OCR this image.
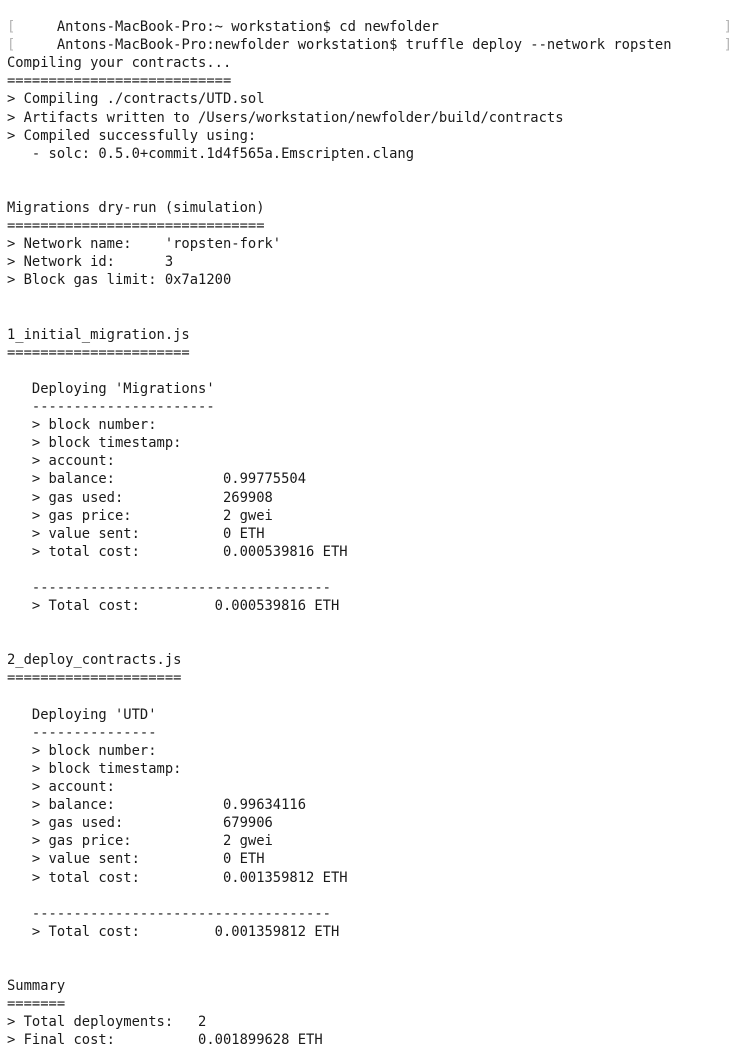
[	Antons-MacBook-Pro:~ workstation$ cd newfolder	]

[	Antons-MacBook-Pro:newfolder workstation$ truffle deploy --network ropsten	]

Compiling your contracts...
===========================
> Compiling ./contracts/UTD.sol
> Artifacts written to /Users/workstation/newfolder/build/contracts
> Compiled successfully using:
- solc: 0.5.0+commit.1d4f565a.Emscripten.clang
Migrations dry-run (simulation)
===============================
> Network name:    'ropsten-fork'
> Network id:      3
> Block gas limit: 0x7a1200
1_initial_migration.js
======================
Deploying 'Migrations'
----------------------
> block number:
> block timestamp:
> account:
> balance:             0.99775504
> gas used:            269908
> gas price:           2 gwei
> value sent:          0 ETH
> total cost:          0.000539816 ETH
------------------------------------
> Total cost:         0.000539816 ETH
2_deploy_contracts.js
=====================
Deploying 'UTD'
---------------
> block number:
> block timestamp:
> account:
> balance:             0.99634116
> gas used:            679906
> gas price:           2 gwei
> value sent:          0 ETH
> total cost:          0.001359812 ETH
------------------------------------
> Total cost:         0.001359812 ETH
Summary
=======
> Total deployments:   2
> Final cost:          0.001899628 ETH
